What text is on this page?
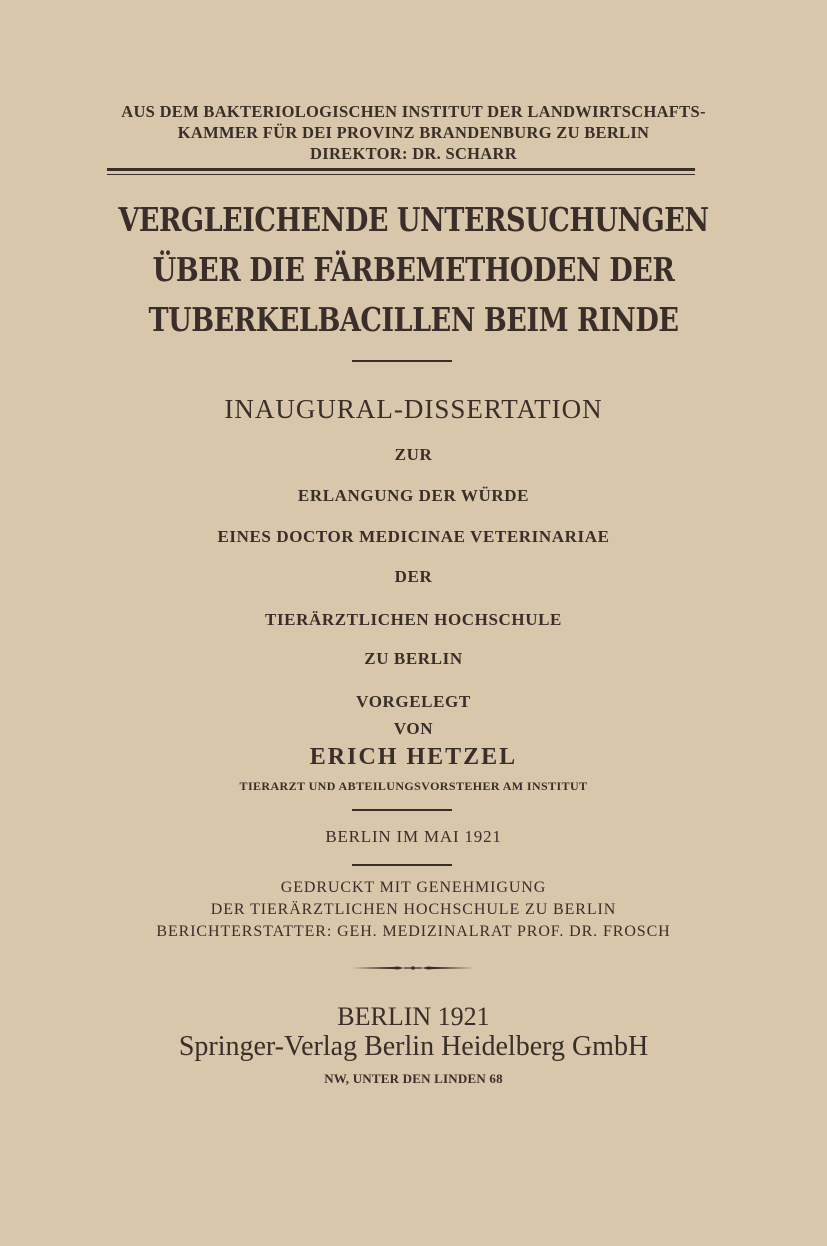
AUS DEM BAKTERIOLOGISCHEN INSTITUT DER LANDWIRTSCHAFTS-
KAMMER FÜR DEI PROVINZ BRANDENBURG ZU BERLIN
DIREKTOR: DR. SCHARR
VERGLEICHENDE UNTERSUCHUNGEN
ÜBER DIE FÄRBEMETHODEN DER
TUBERKELBACILLEN BEIM RINDE
INAUGURAL-DISSERTATION
ZUR
ERLANGUNG DER WÜRDE
EINES DOCTOR MEDICINAE VETERINARIAE
DER
TIERÄRZTLICHEN HOCHSCHULE
ZU BERLIN
VORGELEGT
VON
ERICH HETZEL
TIERARZT UND ABTEILUNGSVORSTEHER AM INSTITUT
BERLIN IM MAI 1921
GEDRUCKT MIT GENEHMIGUNG
DER TIERÄRZTLICHEN HOCHSCHULE ZU BERLIN
BERICHTERSTATTER: GEH. MEDIZINALRAT PROF. DR. FROSCH
BERLIN 1921
Springer-Verlag Berlin Heidelberg GmbH
NW, UNTER DEN LINDEN 68
